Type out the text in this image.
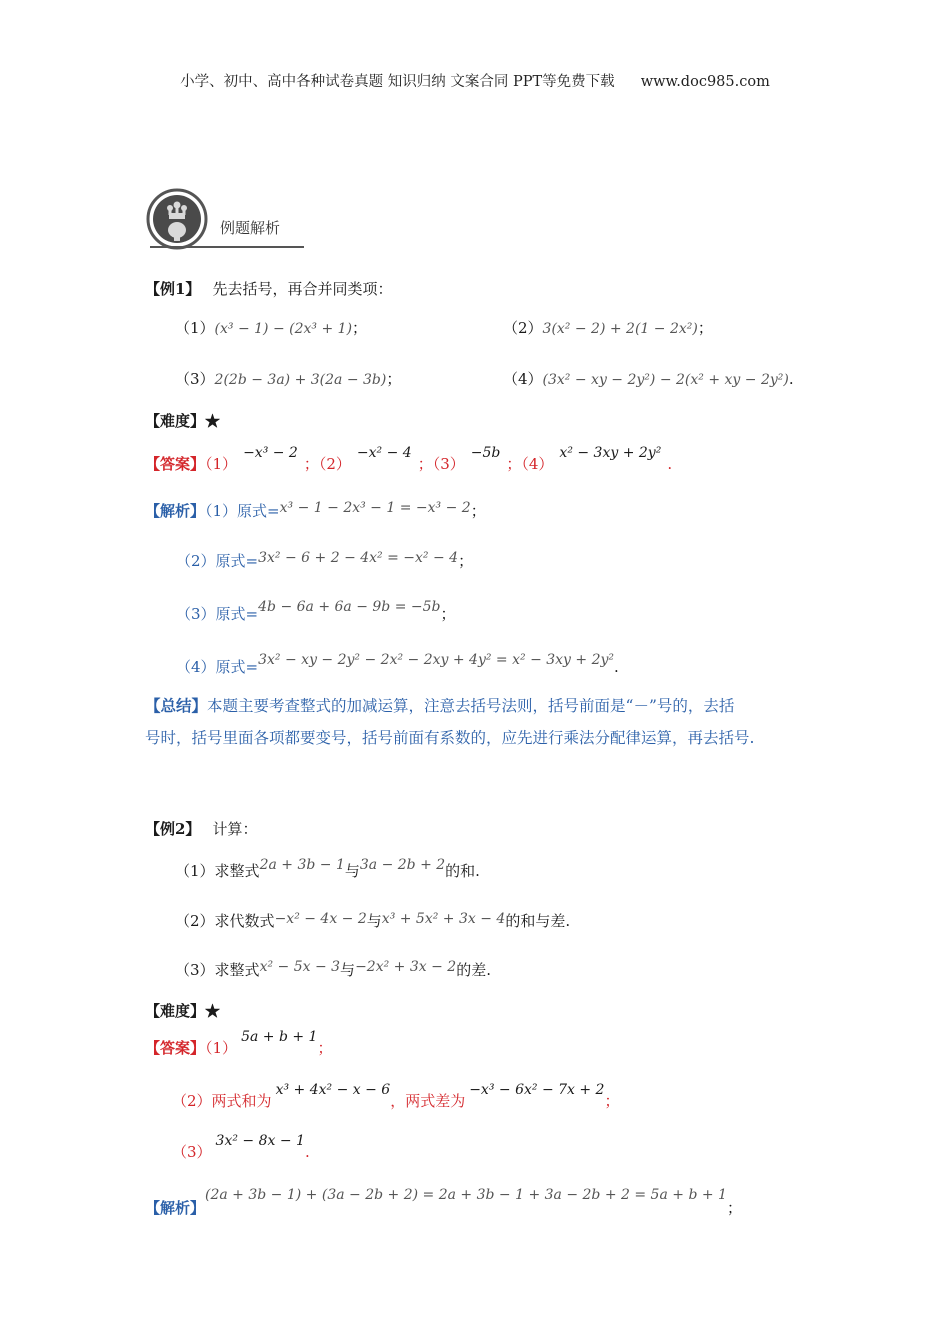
小学、初中、高中各种试卷真题 知识归纳 文案合同 PPT等免费下载 www.doc985.com
例题解析
【例1】 先去括号，再合并同类项：
（1）(x³ − 1) − (2x³ + 1)；	（2）3(x² − 2) + 2(1 − 2x²)；
（3）2(2b − 3a) + 3(2a − 3b)；	（4）(3x² − xy − 2y²) − 2(x² + xy − 2y²).
【难度】★
【答案】（1）−x³ − 2；（2）−x² − 4；（3）−5b；（4）x² − 3xy + 2y².
【解析】（1）原式=x³ − 1 − 2x³ − 1 = −x³ − 2；
（2）原式=3x² − 6 + 2 − 4x² = −x² − 4；
（3）原式=4b − 6a + 6a − 9b = −5b；
（4）原式=3x² − xy − 2y² − 2x² − 2xy + 4y² = x² − 3xy + 2y².
【总结】本题主要考查整式的加减运算，注意去括号法则，括号前面是“－”号的，去括
号时，括号里面各项都要变号，括号前面有系数的，应先进行乘法分配律运算，再去括号.
【例2】 计算：
（1）求整式2a + 3b − 1与3a − 2b + 2的和.
（2）求代数式−x² − 4x − 2与x³ + 5x² + 3x − 4的和与差.
（3）求整式x² − 5x − 3与−2x² + 3x − 2的差.
【难度】★
【答案】（1）5a + b + 1；
（2）两式和为x³ + 4x² − x − 6，两式差为−x³ − 6x² − 7x + 2；
（3）3x² − 8x − 1.
【解析】(2a + 3b − 1) + (3a − 2b + 2) = 2a + 3b − 1 + 3a − 2b + 2 = 5a + b + 1；
